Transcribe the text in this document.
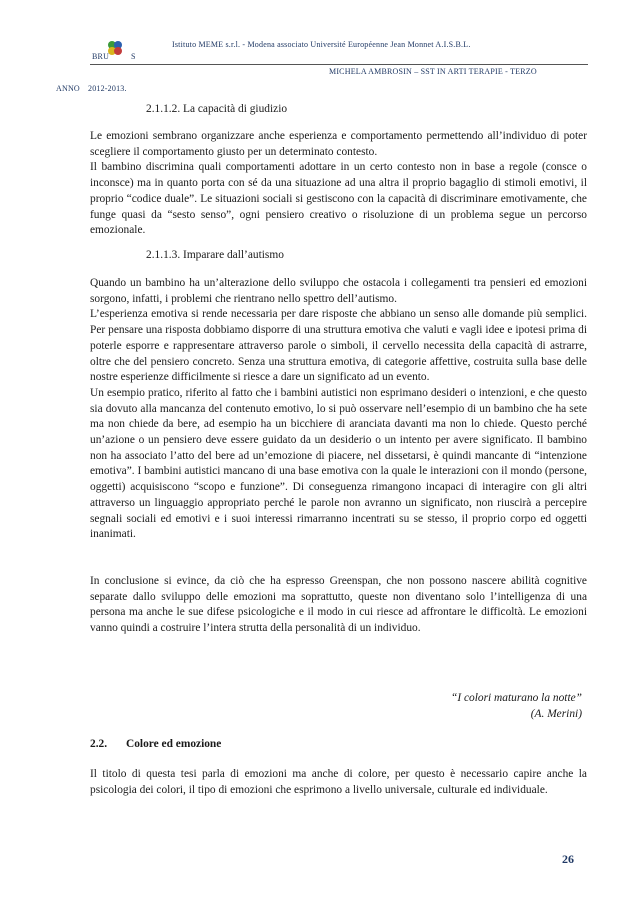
BRU	S
Istituto MEME s.r.l. - Modena associato Université Européenne Jean Monnet A.I.S.B.L.
MICHELA AMBROSIN – SST IN ARTI TERAPIE - TERZO
ANNO 2012-2013.

2.1.1.2. La capacità di giudizio

Le emozioni sembrano organizzare anche esperienza e comportamento permettendo all’individuo di poter scegliere il comportamento giusto per un determinato contesto.

Il bambino discrimina quali comportamenti adottare in un certo contesto non in base a regole (consce o inconsce) ma in quanto porta con sé da una situazione ad una altra il proprio bagaglio di stimoli emotivi, il proprio “codice duale”. Le situazioni sociali si gestiscono con la capacità di discriminare emotivamente, che funge quasi da “sesto senso”, ogni pensiero creativo o risoluzione di un problema segue un percorso emozionale.

2.1.1.3. Imparare dall’autismo

Quando un bambino ha un’alterazione dello sviluppo che ostacola i collegamenti tra pensieri ed emozioni sorgono, infatti, i problemi che rientrano nello spettro dell’autismo.

L’esperienza emotiva si rende necessaria per dare risposte che abbiano un senso alle domande più semplici. Per pensare una risposta dobbiamo disporre di una struttura emotiva che valuti e vagli idee e ipotesi prima di poterle esporre e rappresentare attraverso parole o simboli, il cervello necessita della capacità di astrarre, oltre che del pensiero concreto. Senza una struttura emotiva, di categorie affettive, costruita sulla base delle nostre esperienze difficilmente si riesce a dare un significato ad un evento.

Un esempio pratico, riferito al fatto che i bambini autistici non esprimano desideri o intenzioni, e che questo sia dovuto alla mancanza del contenuto emotivo, lo si può osservare nell’esempio di un bambino che ha sete ma non chiede da bere, ad esempio ha un bicchiere di aranciata davanti ma non lo chiede. Questo perché un’azione o un pensiero deve essere guidato da un desiderio o un intento per avere significato. Il bambino non ha associato l’atto del bere ad un’emozione di piacere, nel dissetarsi, è quindi mancante di “intenzione emotiva”. I bambini autistici mancano di una base emotiva con la quale le interazioni con il mondo (persone, oggetti) acquisiscono “scopo e funzione”. Di conseguenza rimangono incapaci di interagire con gli altri attraverso un linguaggio appropriato perché le parole non avranno un significato, non riuscirà a percepire segnali sociali ed emotivi e i suoi interessi rimarranno incentrati su se stesso, il proprio corpo ed oggetti inanimati.

In conclusione si evince, da ciò che ha espresso Greenspan, che non possono nascere abilità cognitive separate dallo sviluppo delle emozioni ma soprattutto, queste non diventano solo l’intelligenza di una persona ma anche le sue difese psicologiche e il modo in cui riesce ad affrontare le difficoltà. Le emozioni vanno quindi a costruire l’intera strutta della personalità di un individuo.

“I colori maturano la notte”
(A. Merini)

2.2. Colore ed emozione

Il titolo di questa tesi parla di emozioni ma anche di colore, per questo è necessario capire anche la psicologia dei colori, il tipo di emozioni che esprimono a livello universale, culturale ed individuale.

26
